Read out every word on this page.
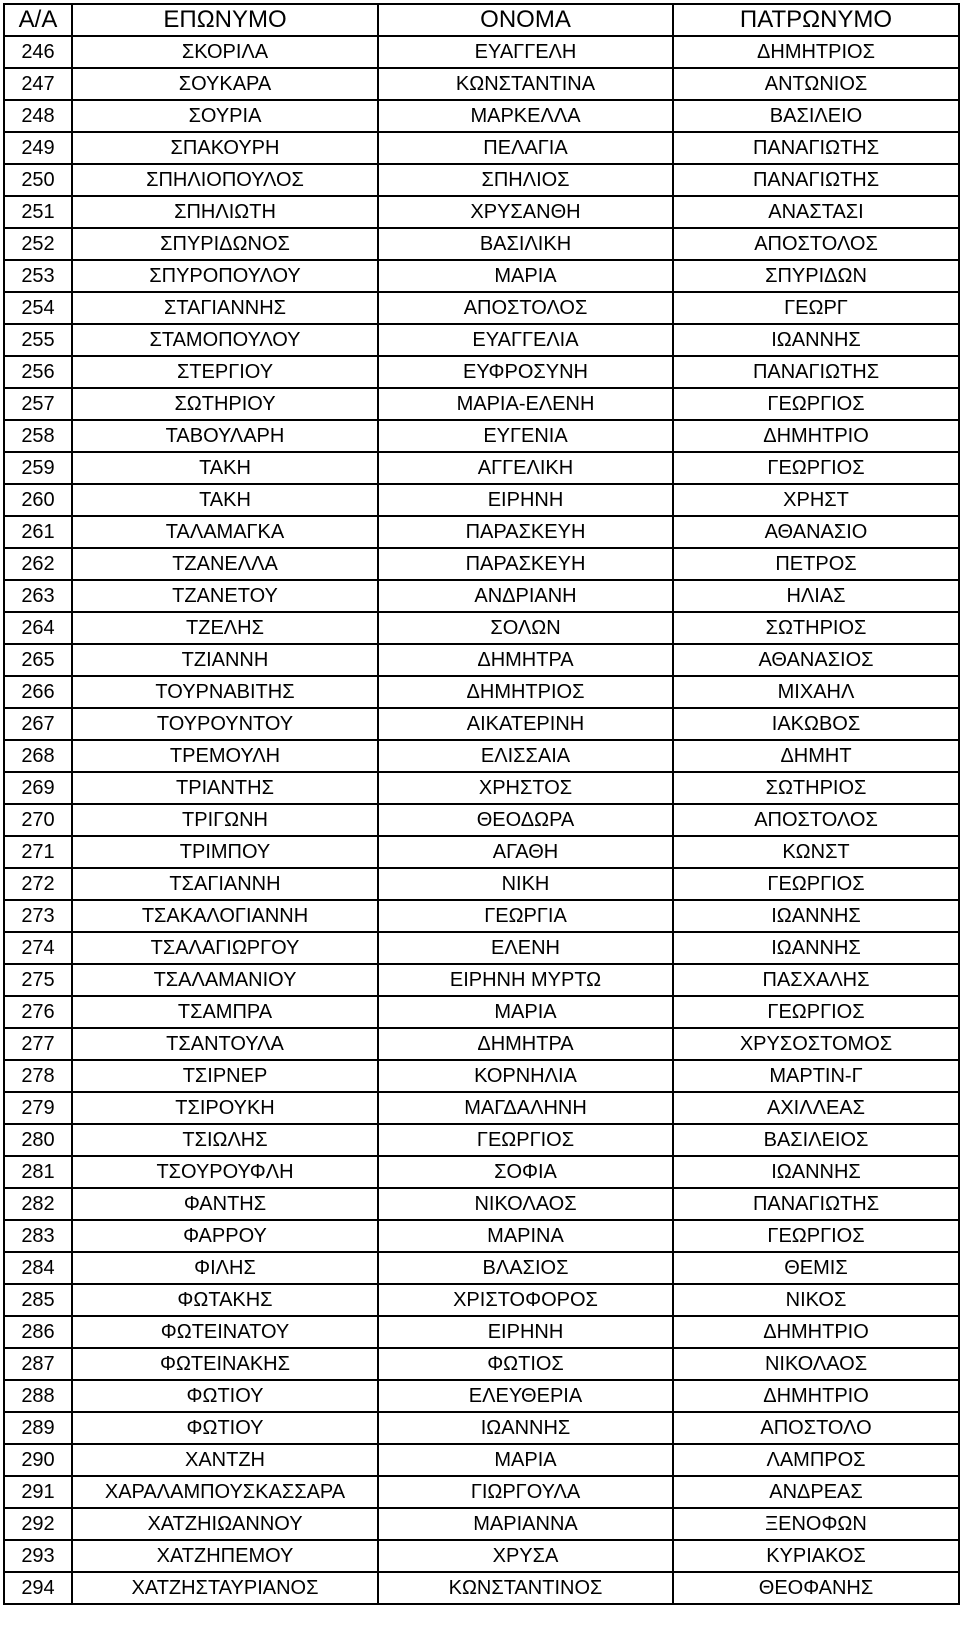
Α/Α	ΕΠΩΝΥΜΟ	ΟΝΟΜΑ	ΠΑΤΡΩΝΥΜΟ
246	ΣΚΟΡΙΛΑ	ΕΥΑΓΓΕΛΗ	ΔΗΜΗΤΡΙΟΣ
247	ΣΟΥΚΑΡΑ	ΚΩΝΣΤΑΝΤΙΝΑ	ΑΝΤΩΝΙΟΣ
248	ΣΟΥΡΙΑ	ΜΑΡΚΕΛΛΑ	ΒΑΣΙΛΕΙΟ
249	ΣΠΑΚΟΥΡΗ	ΠΕΛΑΓΙΑ	ΠΑΝΑΓΙΩΤΗΣ
250	ΣΠΗΛΙΟΠΟΥΛΟΣ	ΣΠΗΛΙΟΣ	ΠΑΝΑΓΙΩΤΗΣ
251	ΣΠΗΛΙΩΤΗ	ΧΡΥΣΑΝΘΗ	ΑΝΑΣΤΑΣΙ
252	ΣΠΥΡΙΔΩΝΟΣ	ΒΑΣΙΛΙΚΗ	ΑΠΟΣΤΟΛΟΣ
253	ΣΠΥΡΟΠΟΥΛΟΥ	ΜΑΡΙΑ	ΣΠΥΡΙΔΩΝ
254	ΣΤΑΓΙΑΝΝΗΣ	ΑΠΟΣΤΟΛΟΣ	ΓΕΩΡΓ
255	ΣΤΑΜΟΠΟΥΛΟΥ	ΕΥΑΓΓΕΛΙΑ	ΙΩΑΝΝΗΣ
256	ΣΤΕΡΓΙΟΥ	ΕΥΦΡΟΣΥΝΗ	ΠΑΝΑΓΙΩΤΗΣ
257	ΣΩΤΗΡΙΟΥ	ΜΑΡΙΑ-ΕΛΕΝΗ	ΓΕΩΡΓΙΟΣ
258	ΤΑΒΟΥΛΑΡΗ	ΕΥΓΕΝΙΑ	ΔΗΜΗΤΡΙΟ
259	ΤΑΚΗ	ΑΓΓΕΛΙΚΗ	ΓΕΩΡΓΙΟΣ
260	ΤΑΚΗ	ΕΙΡΗΝΗ	ΧΡΗΣΤ
261	ΤΑΛΑΜΑΓΚΑ	ΠΑΡΑΣΚΕΥΗ	ΑΘΑΝΑΣΙΟ
262	ΤΖΑΝΕΛΛΑ	ΠΑΡΑΣΚΕΥΗ	ΠΕΤΡΟΣ
263	ΤΖΑΝΕΤΟΥ	ΑΝΔΡΙΑΝΗ	ΗΛΙΑΣ
264	ΤΖΕΛΗΣ	ΣΟΛΩΝ	ΣΩΤΗΡΙΟΣ
265	ΤΖΙΑΝΝΗ	ΔΗΜΗΤΡΑ	ΑΘΑΝΑΣΙΟΣ
266	ΤΟΥΡΝΑΒΙΤΗΣ	ΔΗΜΗΤΡΙΟΣ	ΜΙΧΑΗΛ
267	ΤΟΥΡΟΥΝΤΟΥ	ΑΙΚΑΤΕΡΙΝΗ	ΙΑΚΩΒΟΣ
268	ΤΡΕΜΟΥΛΗ	ΕΛΙΣΣΑΙΑ	ΔΗΜΗΤ
269	ΤΡΙΑΝΤΗΣ	ΧΡΗΣΤΟΣ	ΣΩΤΗΡΙΟΣ
270	ΤΡΙΓΩΝΗ	ΘΕΟΔΩΡΑ	ΑΠΟΣΤΟΛΟΣ
271	ΤΡΙΜΠΟΥ	ΑΓΑΘΗ	ΚΩΝΣΤ
272	ΤΣΑΓΙΑΝΝΗ	ΝΙΚΗ	ΓΕΩΡΓΙΟΣ
273	ΤΣΑΚΑΛΟΓΙΑΝΝΗ	ΓΕΩΡΓΙΑ	ΙΩΑΝΝΗΣ
274	ΤΣΑΛΑΓΙΩΡΓΟΥ	ΕΛΕΝΗ	ΙΩΑΝΝΗΣ
275	ΤΣΑΛΑΜΑΝΙΟΥ	ΕΙΡΗΝΗ ΜΥΡΤΩ	ΠΑΣΧΑΛΗΣ
276	ΤΣΑΜΠΡΑ	ΜΑΡΙΑ	ΓΕΩΡΓΙΟΣ
277	ΤΣΑΝΤΟΥΛΑ	ΔΗΜΗΤΡΑ	ΧΡΥΣΟΣΤΟΜΟΣ
278	ΤΣΙΡΝΕΡ	ΚΟΡΝΗΛΙΑ	ΜΑΡΤΙΝ-Γ
279	ΤΣΙΡΟΥΚΗ	ΜΑΓΔΑΛΗΝΗ	ΑΧΙΛΛΕΑΣ
280	ΤΣΙΩΛΗΣ	ΓΕΩΡΓΙΟΣ	ΒΑΣΙΛΕΙΟΣ
281	ΤΣΟΥΡΟΥΦΛΗ	ΣΟΦΙΑ	ΙΩΑΝΝΗΣ
282	ΦΑΝΤΗΣ	ΝΙΚΟΛΑΟΣ	ΠΑΝΑΓΙΩΤΗΣ
283	ΦΑΡΡΟΥ	ΜΑΡΙΝΑ	ΓΕΩΡΓΙΟΣ
284	ΦΙΛΗΣ	ΒΛΑΣΙΟΣ	ΘΕΜΙΣ
285	ΦΩΤΑΚΗΣ	ΧΡΙΣΤΟΦΟΡΟΣ	ΝΙΚΟΣ
286	ΦΩΤΕΙΝΑΤΟΥ	ΕΙΡΗΝΗ	ΔΗΜΗΤΡΙΟ
287	ΦΩΤΕΙΝΑΚΗΣ	ΦΩΤΙΟΣ	ΝΙΚΟΛΑΟΣ
288	ΦΩΤΙΟΥ	ΕΛΕΥΘΕΡΙΑ	ΔΗΜΗΤΡΙΟ
289	ΦΩΤΙΟΥ	ΙΩΑΝΝΗΣ	ΑΠΟΣΤΟΛΟ
290	ΧΑΝΤΖΗ	ΜΑΡΙΑ	ΛΑΜΠΡΟΣ
291	ΧΑΡΑΛΑΜΠΟΥΣΚΑΣΣΑΡΑ	ΓΙΩΡΓΟΥΛΑ	ΑΝΔΡΕΑΣ
292	ΧΑΤΖΗΙΩΑΝΝΟΥ	ΜΑΡΙΑΝΝΑ	ΞΕΝΟΦΩΝ
293	ΧΑΤΖΗΠΕΜΟΥ	ΧΡΥΣΑ	ΚΥΡΙΑΚΟΣ
294	ΧΑΤΖΗΣΤΑΥΡΙΑΝΟΣ	ΚΩΝΣΤΑΝΤΙΝΟΣ	ΘΕΟΦΑΝΗΣ
